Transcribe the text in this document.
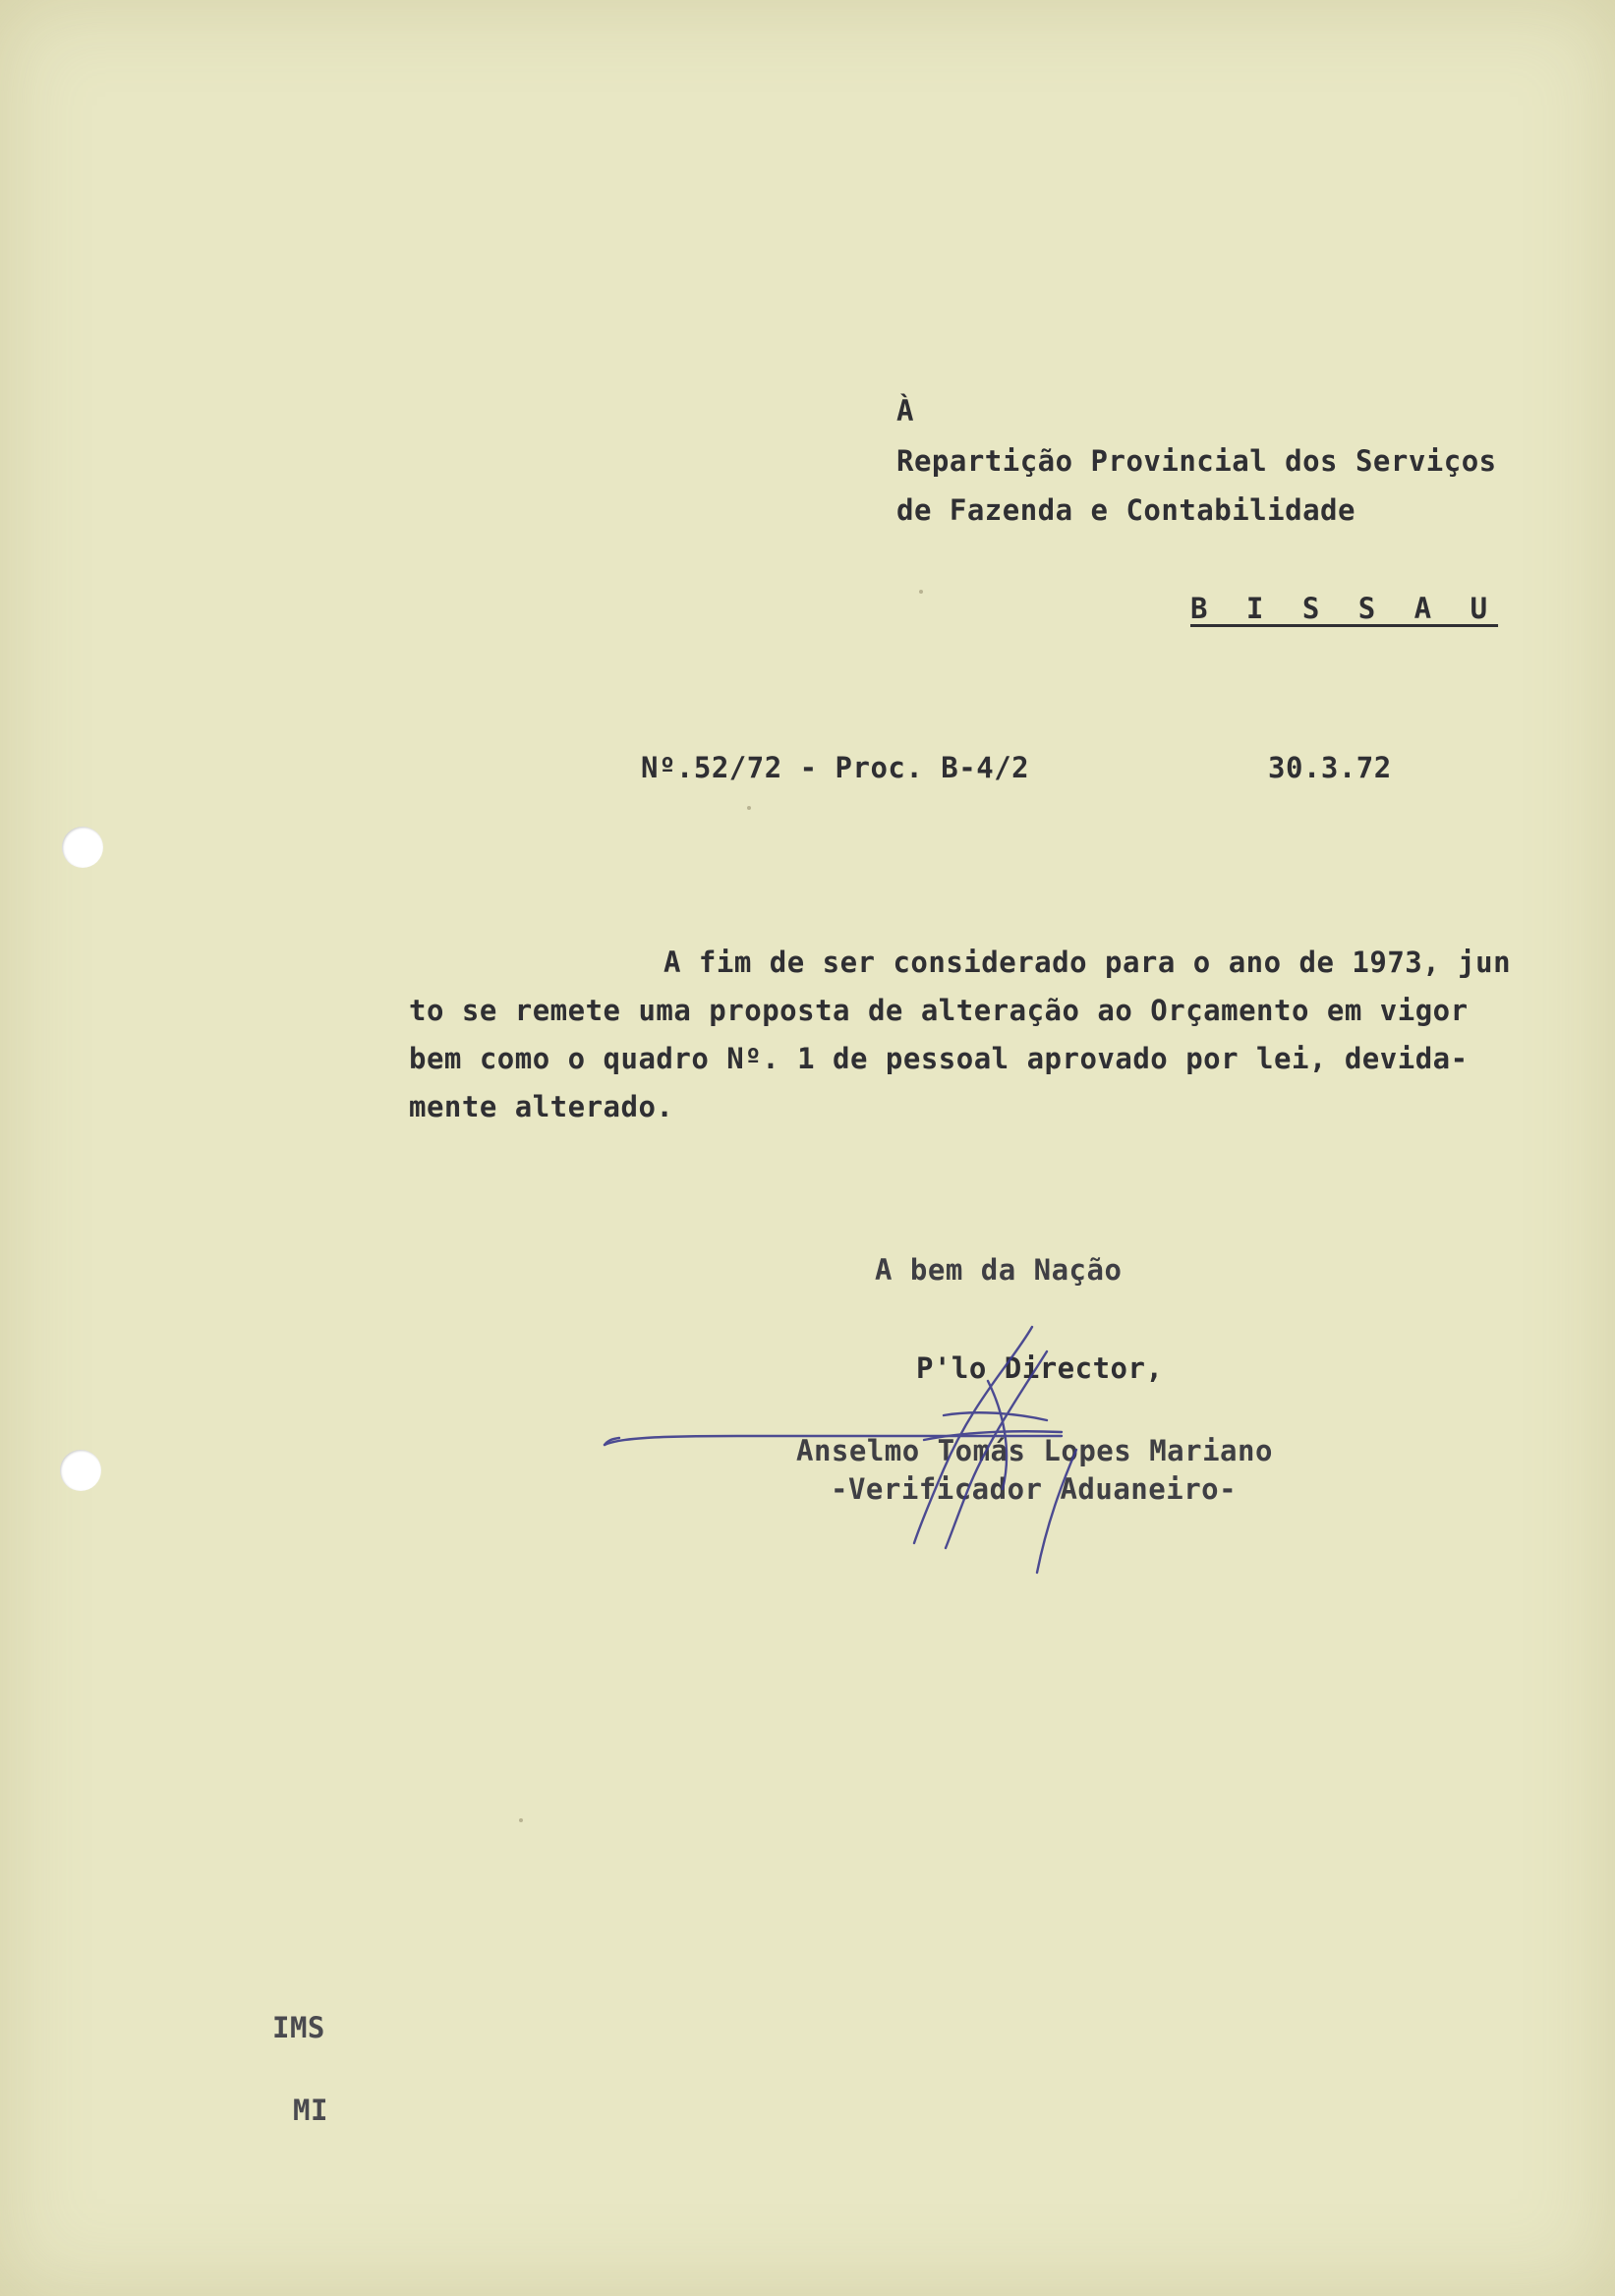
À
Repartição Provincial dos Serviços
de Fazenda e Contabilidade
B I S S A U
Nº.52/72 - Proc. B-4/2	30.3.72
A fim de ser considerado para o ano de 1973, jun
to se remete uma proposta de alteração ao Orçamento em vigor
bem como o quadro Nº. 1 de pessoal aprovado por lei, devida-
mente alterado.
A bem da Nação
P'lo Director,
Anselmo Tomás Lopes Mariano
-Verificador Aduaneiro-
IMS
MI
